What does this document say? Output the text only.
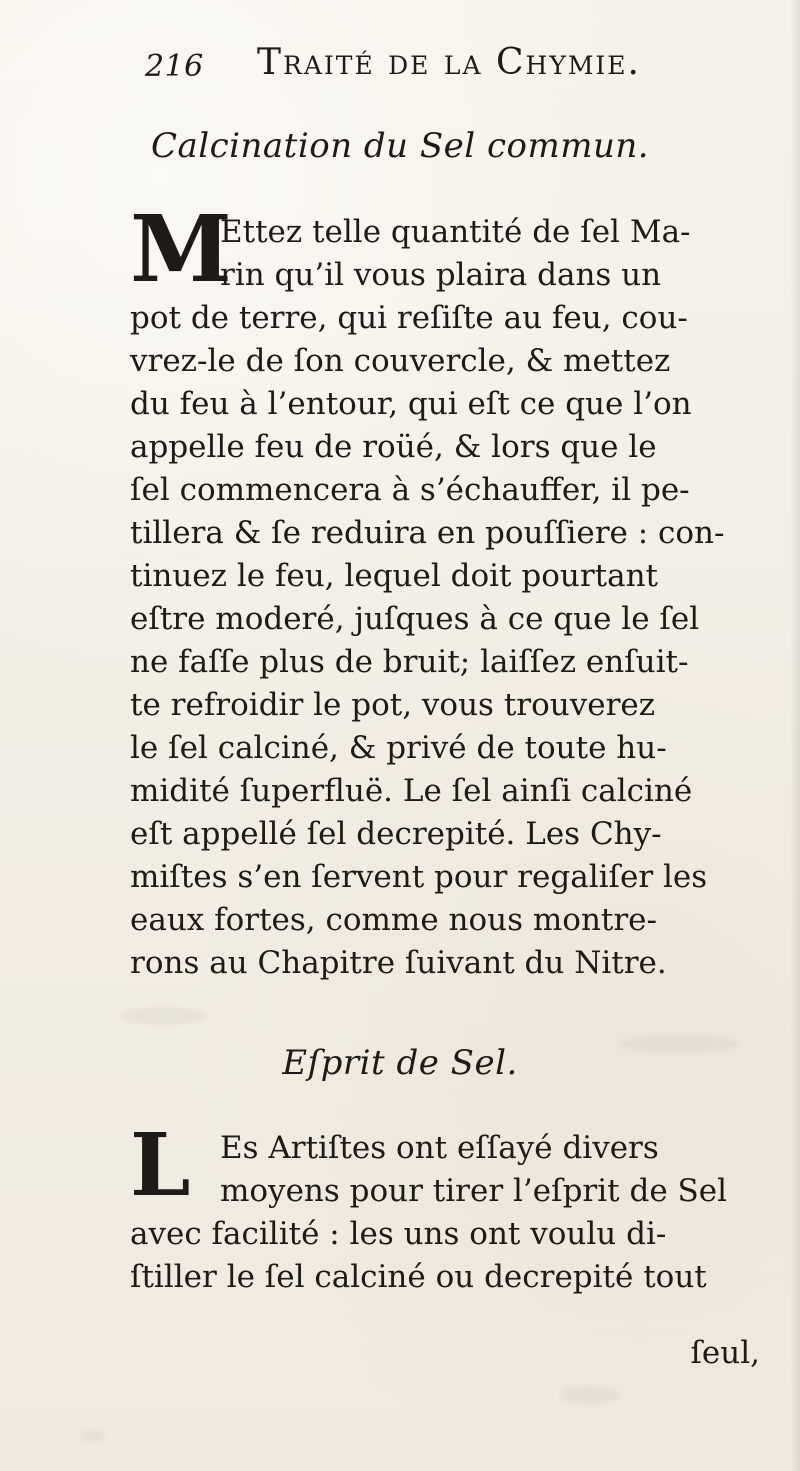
216 Traité de la Chymie.
Calcination du Sel commun.
M
Ettez telle quantité de ſel Ma-
rin qu’il vous plaira dans un
pot de terre, qui reſiſte au feu, cou-
vrez-le de ſon couvercle, & mettez
du feu à l’entour, qui eſt ce que l’on
appelle feu de roüé, & lors que le
ſel commencera à s’échauffer, il pe-
tillera & ſe reduira en pouſſiere : con-
tinuez le feu, lequel doit pourtant
eſtre moderé, juſques à ce que le ſel
ne faſſe plus de bruit; laiſſez enſuit-
te refroidir le pot, vous trouverez
le ſel calciné, & privé de toute hu-
midité ſuperfluë. Le ſel ainſi calciné
eſt appellé ſel decrepité. Les Chy-
miſtes s’en ſervent pour regaliſer les
eaux fortes, comme nous montre-
rons au Chapitre ſuivant du Nitre.
Eſprit de Sel.
L Es Artiſtes ont eſſayé divers
moyens pour tirer l’eſprit de Sel
avec facilité : les uns ont voulu di-
ſtiller le ſel calciné ou decrepité tout
ſeul,
